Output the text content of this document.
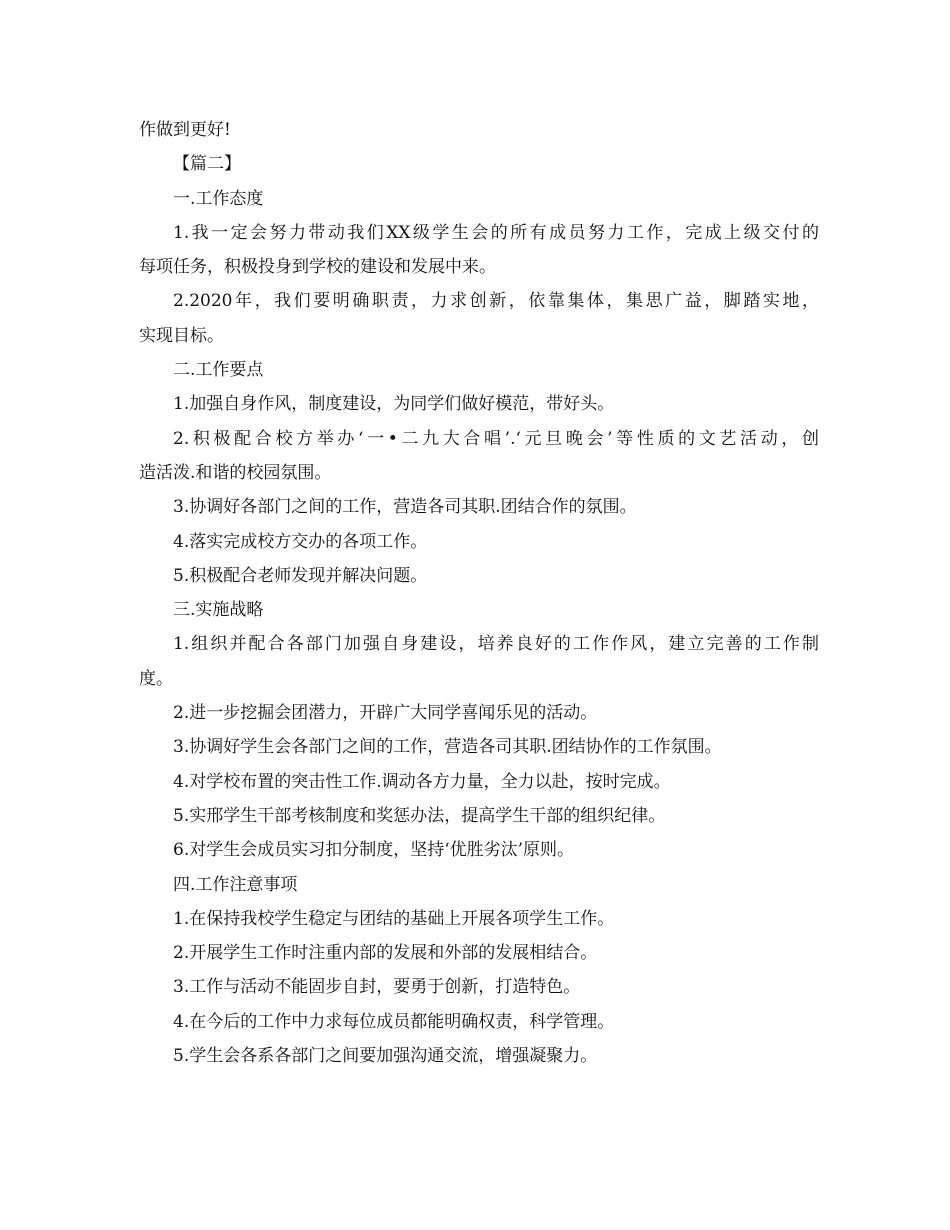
作做到更好!
【篇二】
一.工作态度
1.我一定会努力带动我们XX级学生会的所有成员努力工作，完成上级交付的
每项任务，积极投身到学校的建设和发展中来。
2.2020年，我们要明确职责，力求创新，依靠集体，集思广益，脚踏实地，
实现目标。
二.工作要点
1.加强自身作风，制度建设，为同学们做好模范，带好头。
2.积极配合校方举办‘一•二九大合唱’.‘元旦晚会’等性质的文艺活动，创
造活泼.和谐的校园氛围。
3.协调好各部门之间的工作，营造各司其职.团结合作的氛围。
4.落实完成校方交办的各项工作。
5.积极配合老师发现并解决问题。
三.实施战略
1.组织并配合各部门加强自身建设，培养良好的工作作风，建立完善的工作制
度。
2.进一步挖掘会团潜力，开辟广大同学喜闻乐见的活动。
3.协调好学生会各部门之间的工作，营造各司其职.团结协作的工作氛围。
4.对学校布置的突击性工作.调动各方力量，全力以赴，按时完成。
5.实邢学生干部考核制度和奖惩办法，提高学生干部的组织纪律。
6.对学生会成员实习扣分制度，坚持‘优胜劣汰’原则。
四.工作注意事项
1.在保持我校学生稳定与团结的基础上开展各项学生工作。
2.开展学生工作时注重内部的发展和外部的发展相结合。
3.工作与活动不能固步自封，要勇于创新，打造特色。
4.在今后的工作中力求每位成员都能明确权责，科学管理。
5.学生会各系各部门之间要加强沟通交流，增强凝聚力。
